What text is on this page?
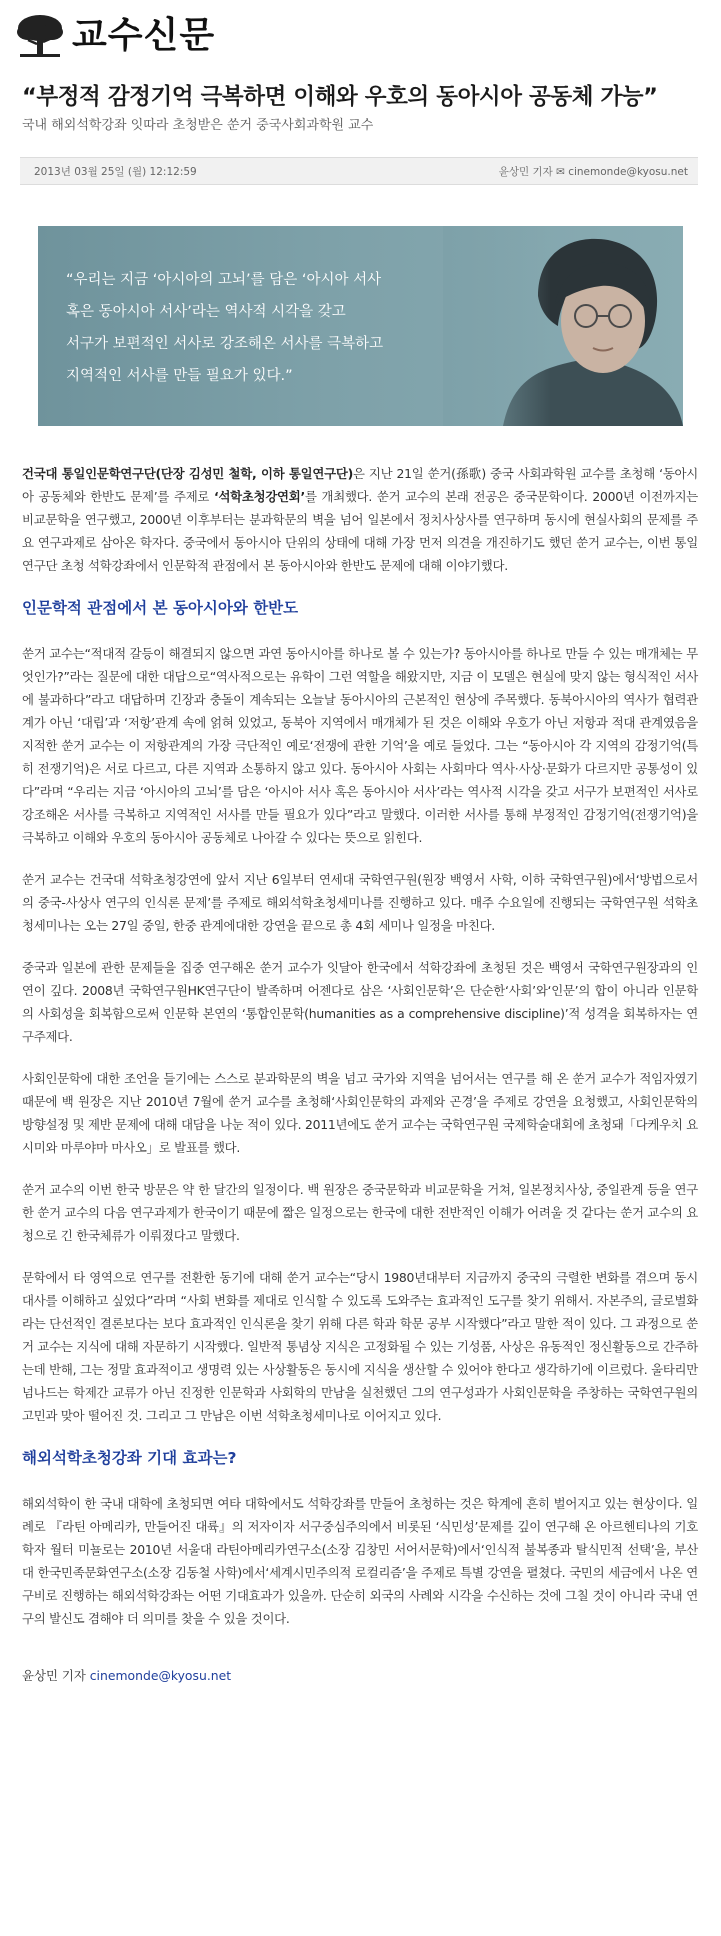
교수신문
“부정적 감정기억 극복하면 이해와 우호의 동아시아 공동체 가능”
국내 해외석학강좌 잇따라 초청받은 쑨거 중국사회과학원 교수
2013년 03월 25일 (월) 12:12:59	윤상민 기자 ✉ cinemonde@kyosu.net
“우리는 지금 ‘아시아의 고뇌’를 담은 ‘아시아 서사
혹은 동아시아 서사’라는 역사적 시각을 갖고
서구가 보편적인 서사로 강조해온 서사를 극복하고
지역적인 서사를 만들 필요가 있다.”

건국대 통일인문학연구단(단장 김성민 철학, 이하 통일연구단)은 지난 21일 쑨거(孫歌) 중국 사회과학원 교수를 초청해 ‘동아시아 공동체와 한반도 문제’를 주제로 ‘석학초청강연회’를 개최했다. 쑨거 교수의 본래 전공은 중국문학이다. 2000년 이전까지는 비교문학을 연구했고, 2000년 이후부터는 분과학문의 벽을 넘어 일본에서 정치사상사를 연구하며 동시에 현실사회의 문제를 주요 연구과제로 삼아온 학자다. 중국에서 동아시아 단위의 상태에 대해 가장 먼저 의견을 개진하기도 했던 쑨거 교수는, 이번 통일연구단 초청 석학강좌에서 인문학적 관점에서 본 동아시아와 한반도 문제에 대해 이야기했다.

인문학적 관점에서 본 동아시아와 한반도

쑨거 교수는“적대적 갈등이 해결되지 않으면 과연 동아시아를 하나로 볼 수 있는가? 동아시아를 하나로 만들 수 있는 매개체는 무엇인가?”라는 질문에 대한 대답으로“역사적으로는 유학이 그런 역할을 해왔지만, 지금 이 모델은 현실에 맞지 않는 형식적인 서사에 불과하다”라고 대답하며 긴장과 충돌이 계속되는 오늘날 동아시아의 근본적인 현상에 주목했다. 동북아시아의 역사가 협력관계가 아닌 ‘대립’과 ‘저항’관계 속에 얽혀 있었고, 동북아 지역에서 매개체가 된 것은 이해와 우호가 아닌 저항과 적대 관계였음을 지적한 쑨거 교수는 이 저항관계의 가장 극단적인 예로‘전쟁에 관한 기억’을 예로 들었다. 그는 “동아시아 각 지역의 감정기억(특히 전쟁기억)은 서로 다르고, 다른 지역과 소통하지 않고 있다. 동아시아 사회는 사회마다 역사·사상·문화가 다르지만 공통성이 있다”라며 “우리는 지금 ‘아시아의 고뇌’를 담은 ‘아시아 서사 혹은 동아시아 서사’라는 역사적 시각을 갖고 서구가 보편적인 서사로 강조해온 서사를 극복하고 지역적인 서사를 만들 필요가 있다”라고 말했다. 이러한 서사를 통해 부정적인 감정기억(전쟁기억)을 극복하고 이해와 우호의 동아시아 공동체로 나아갈 수 있다는 뜻으로 읽힌다.

쑨거 교수는 건국대 석학초청강연에 앞서 지난 6일부터 연세대 국학연구원(원장 백영서 사학, 이하 국학연구원)에서‘방법으로서의 중국-사상사 연구의 인식론 문제’를 주제로 해외석학초청세미나를 진행하고 있다. 매주 수요일에 진행되는 국학연구원 석학초청세미나는 오는 27일 중일, 한중 관계에대한 강연을 끝으로 총 4회 세미나 일정을 마친다.

중국과 일본에 관한 문제들을 집중 연구해온 쑨거 교수가 잇달아 한국에서 석학강좌에 초청된 것은 백영서 국학연구원장과의 인연이 깊다. 2008년 국학연구원HK연구단이 발족하며 어젠다로 삼은 ‘사회인문학’은 단순한‘사회’와‘인문’의 합이 아니라 인문학의 사회성을 회복함으로써 인문학 본연의 ‘통합인문학(humanities as a comprehensive discipline)’적 성격을 회복하자는 연구주제다.

사회인문학에 대한 조언을 들기에는 스스로 분과학문의 벽을 넘고 국가와 지역을 넘어서는 연구를 해 온 쑨거 교수가 적임자였기 때문에 백 원장은 지난 2010년 7월에 쑨거 교수를 초청해‘사회인문학의 과제와 곤경’을 주제로 강연을 요청했고, 사회인문학의 방향설정 및 제반 문제에 대해 대담을 나눈 적이 있다. 2011년에도 쑨거 교수는 국학연구원 국제학술대회에 초청돼「다케우치 요시미와 마루야마 마사오」로 발표를 했다.

쑨거 교수의 이번 한국 방문은 약 한 달간의 일정이다. 백 원장은 중국문학과 비교문학을 거쳐, 일본정치사상, 중일관계 등을 연구한 쑨거 교수의 다음 연구과제가 한국이기 때문에 짧은 일정으로는 한국에 대한 전반적인 이해가 어려울 것 같다는 쑨거 교수의 요청으로 긴 한국체류가 이뤄졌다고 말했다.

문학에서 타 영역으로 연구를 전환한 동기에 대해 쑨거 교수는“당시 1980년대부터 지금까지 중국의 극렬한 변화를 겪으며 동시대사를 이해하고 싶었다”라며 “사회 변화를 제대로 인식할 수 있도록 도와주는 효과적인 도구를 찾기 위해서. 자본주의, 글로벌화라는 단선적인 결론보다는 보다 효과적인 인식론을 찾기 위해 다른 학과 학문 공부 시작했다”라고 말한 적이 있다. 그 과정으로 쑨거 교수는 지식에 대해 자문하기 시작했다. 일반적 통념상 지식은 고정화될 수 있는 기성품, 사상은 유동적인 정신활동으로 간주하는데 반해, 그는 정말 효과적이고 생명력 있는 사상활동은 동시에 지식을 생산할 수 있어야 한다고 생각하기에 이르렀다. 울타리만 넘나드는 학제간 교류가 아닌 진정한 인문학과 사회학의 만남을 실천했던 그의 연구성과가 사회인문학을 주창하는 국학연구원의 고민과 맞아 떨어진 것. 그리고 그 만남은 이번 석학초청세미나로 이어지고 있다.

해외석학초청강좌 기대 효과는?

해외석학이 한 국내 대학에 초청되면 여타 대학에서도 석학강좌를 만들어 초청하는 것은 학계에 흔히 벌어지고 있는 현상이다. 일례로 『라틴 아메리카, 만들어진 대륙』의 저자이자 서구중심주의에서 비롯된 ‘식민성’문제를 깊이 연구해 온 아르헨티나의 기호학자 월터 미뇰로는 2010년 서울대 라틴아메리카연구소(소장 김창민 서어서문학)에서‘인식적 불복종과 탈식민적 선택’을, 부산대 한국민족문화연구소(소장 김동철 사학)에서‘세계시민주의적 로컬리즘’을 주제로 특별 강연을 펼쳤다. 국민의 세금에서 나온 연구비로 진행하는 해외석학강좌는 어떤 기대효과가 있을까. 단순히 외국의 사례와 시각을 수신하는 것에 그칠 것이 아니라 국내 연구의 발신도 겸해야 더 의미를 찾을 수 있을 것이다.

윤상민 기자 cinemonde@kyosu.net
